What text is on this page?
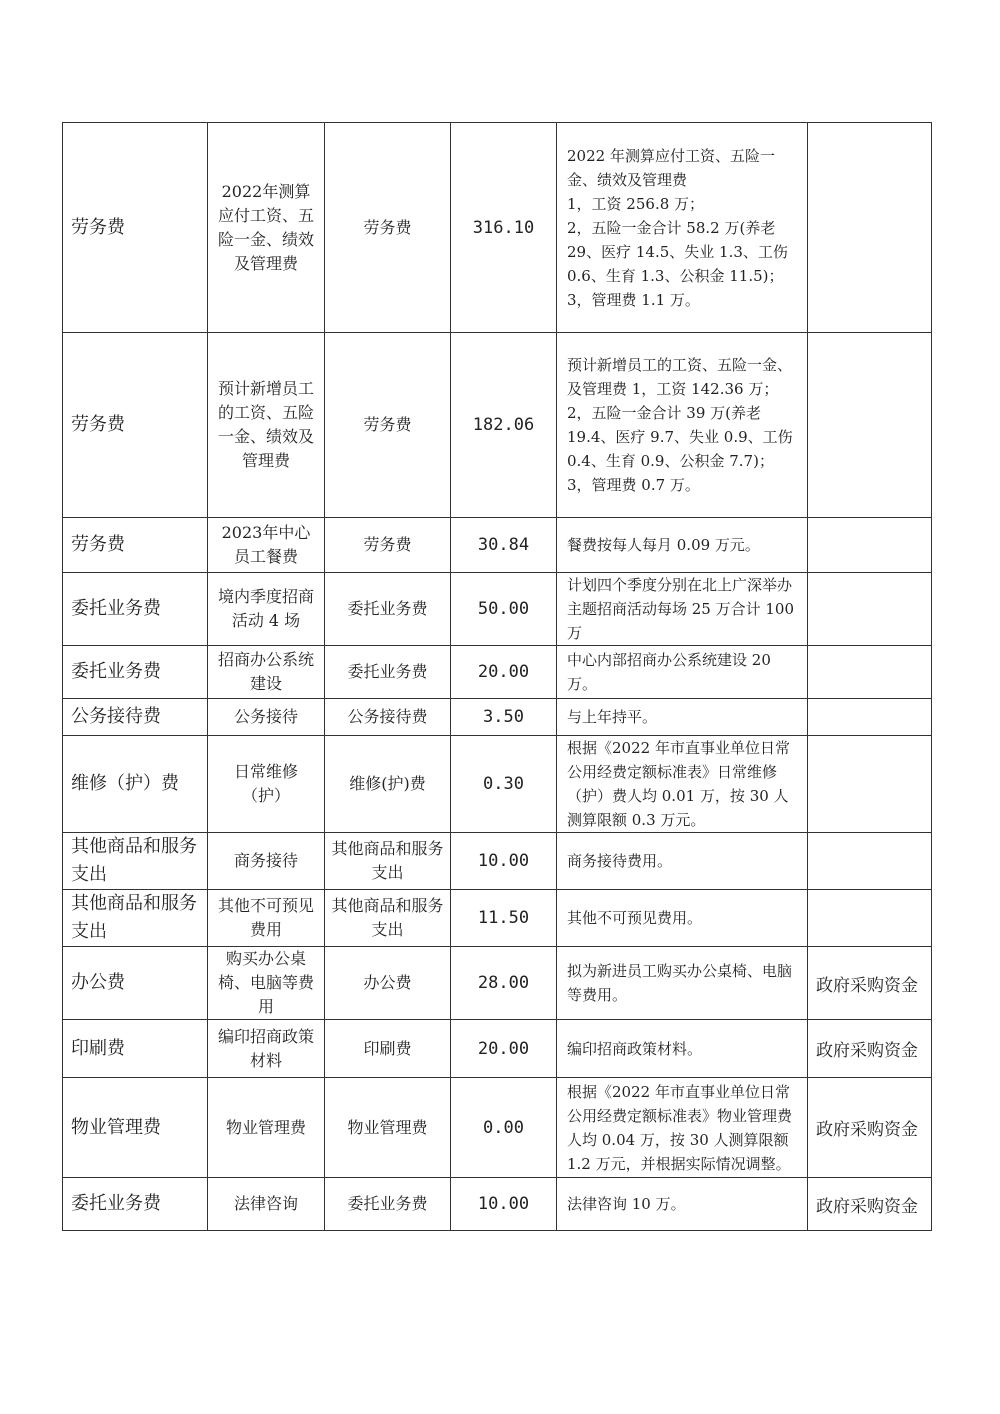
劳务费	2022年测算应付工资、五险一金、绩效及管理费	劳务费	316.10	2022 年测算应付工资、五险一金、绩效及管理费
1，工资 256.8 万；
2，五险一金合计 58.2 万(养老 29、医疗 14.5、失业 1.3、工伤 0.6、生育 1.3、公积金 11.5)；
3，管理费 1.1 万。	

劳务费	预计新增员工的工资、五险一金、绩效及管理费	劳务费	182.06	预计新增员工的工资、五险一金、及管理费 1，工资 142.36 万；
2，五险一金合计 39 万(养老 19.4、医疗 9.7、失业 0.9、工伤 0.4、生育 0.9、公积金 7.7)；
3，管理费 0.7 万。	

劳务费	2023年中心员工餐费	劳务费	30.84	餐费按每人每月 0.09 万元。	

委托业务费	境内季度招商活动 4 场	委托业务费	50.00	计划四个季度分别在北上广深举办主题招商活动每场 25 万合计 100 万	

委托业务费	招商办公系统建设	委托业务费	20.00	中心内部招商办公系统建设 20 万。	

公务接待费	公务接待	公务接待费	3.50	与上年持平。	

维修（护）费	日常维修（护）	维修(护)费	0.30	根据《2022 年市直事业单位日常公用经费定额标准表》日常维修（护）费人均 0.01 万，按 30 人测算限额 0.3 万元。	

其他商品和服务支出	商务接待	其他商品和服务支出	10.00	商务接待费用。	

其他商品和服务支出	其他不可预见费用	其他商品和服务支出	11.50	其他不可预见费用。	

办公费	购买办公桌椅、电脑等费用	办公费	28.00	拟为新进员工购买办公桌椅、电脑等费用。	政府采购资金
印刷费	编印招商政策材料	印刷费	20.00	编印招商政策材料。	政府采购资金
物业管理费	物业管理费	物业管理费	0.00	根据《2022 年市直事业单位日常公用经费定额标准表》物业管理费人均 0.04 万，按 30 人测算限额 1.2 万元，并根据实际情况调整。	政府采购资金
委托业务费	法律咨询	委托业务费	10.00	法律咨询 10 万。	政府采购资金
